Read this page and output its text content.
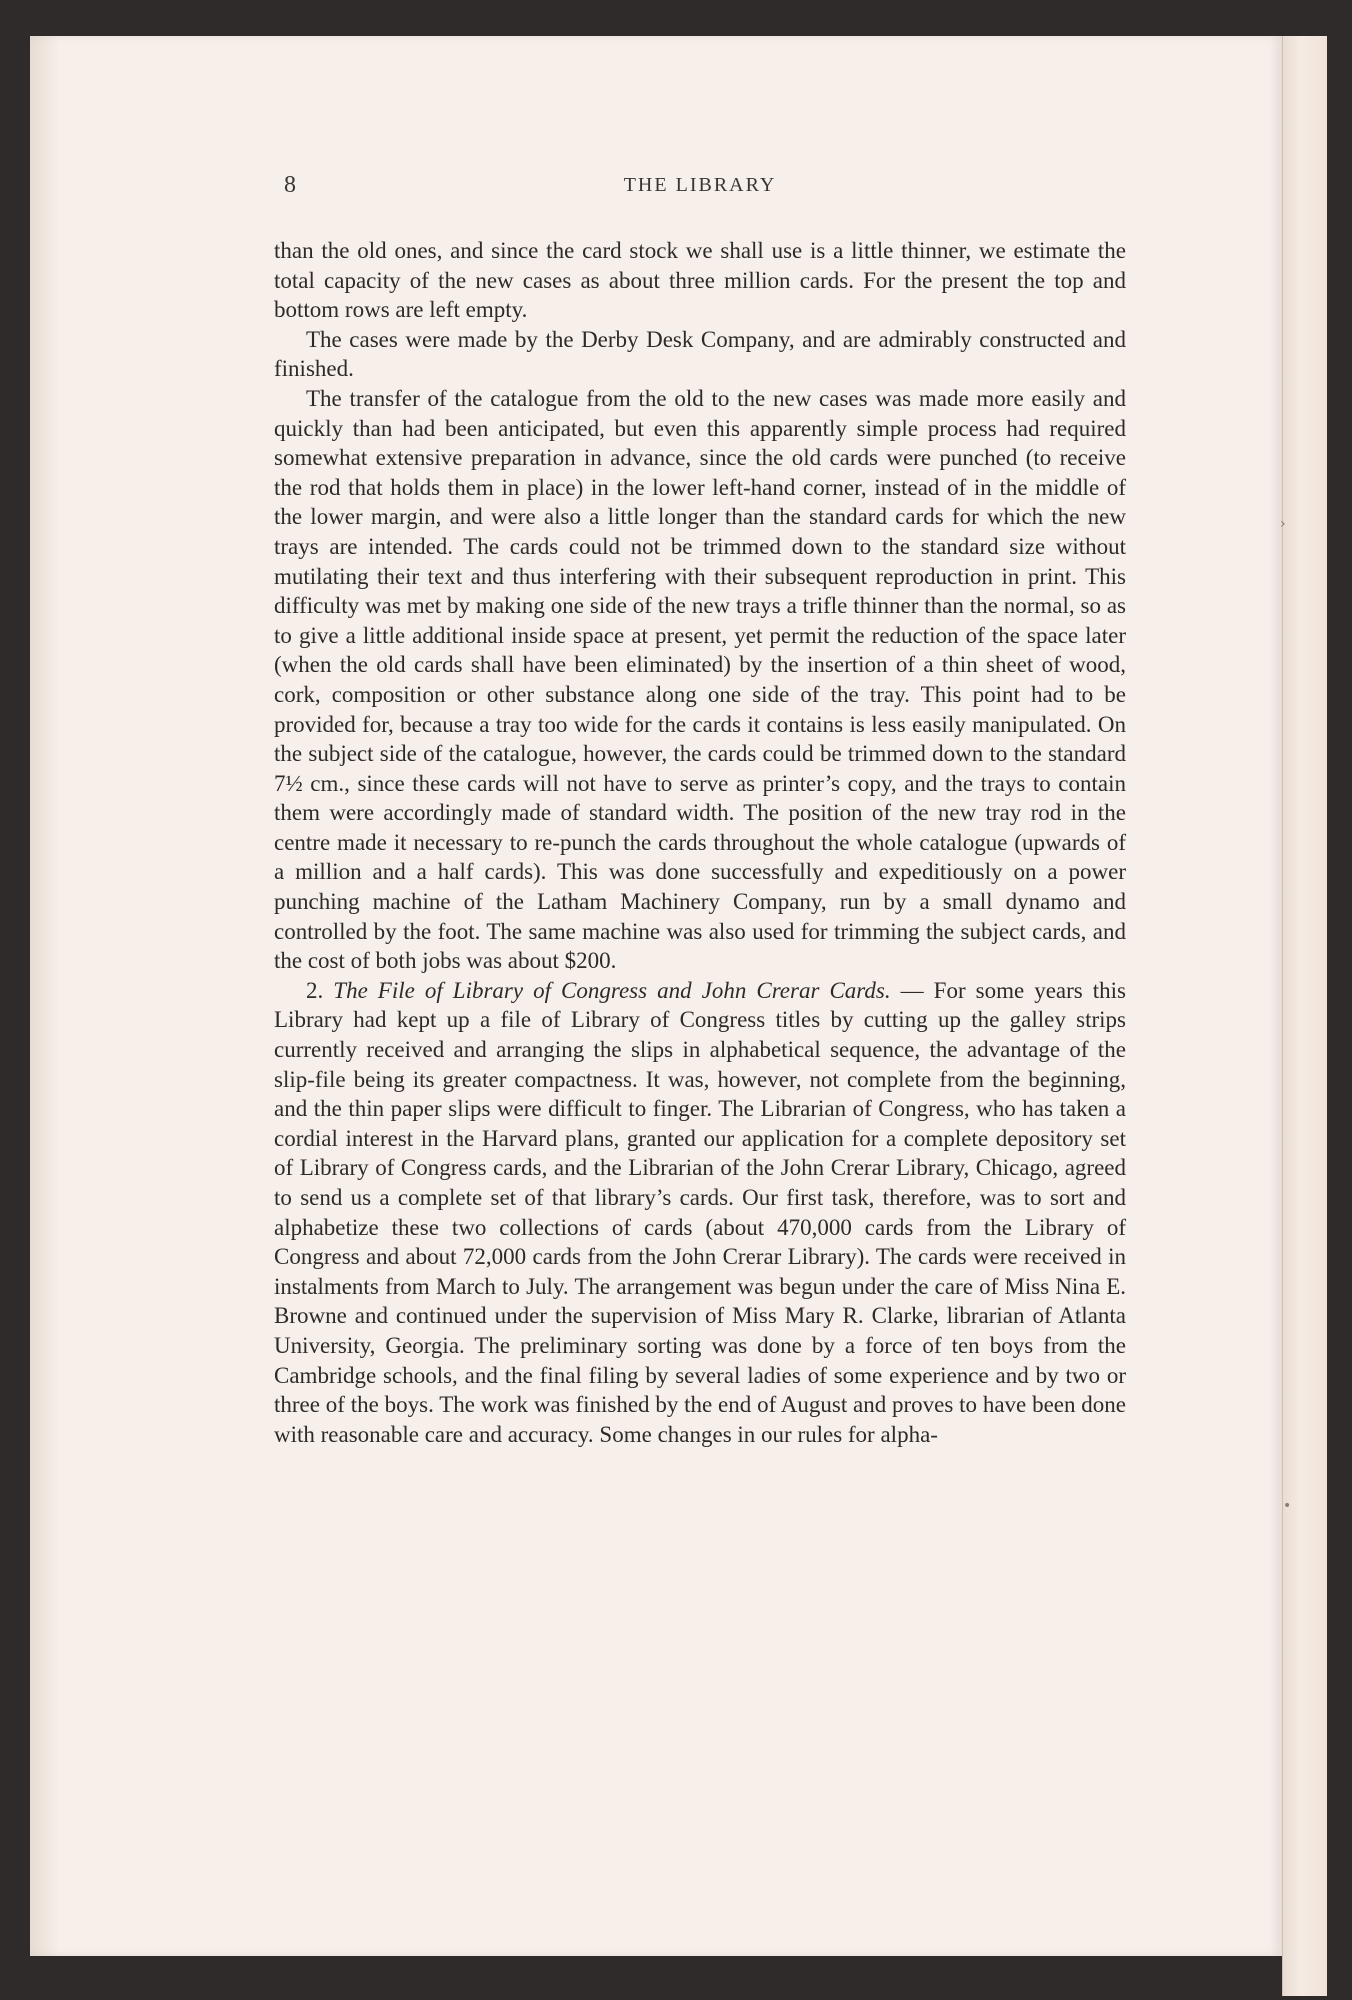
8	THE LIBRARY

than the old ones, and since the card stock we shall use is a little thinner, we estimate the total capacity of the new cases as about three million cards. For the present the top and bottom rows are left empty.

The cases were made by the Derby Desk Company, and are admirably constructed and finished.

The transfer of the catalogue from the old to the new cases was made more easily and quickly than had been anticipated, but even this apparently simple process had required somewhat extensive preparation in advance, since the old cards were punched (to receive the rod that holds them in place) in the lower left-hand corner, instead of in the middle of the lower margin, and were also a little longer than the standard cards for which the new trays are intended. The cards could not be trimmed down to the standard size without mutilating their text and thus interfering with their subsequent reproduction in print. This difficulty was met by making one side of the new trays a trifle thinner than the normal, so as to give a little additional inside space at present, yet permit the reduction of the space later (when the old cards shall have been eliminated) by the insertion of a thin sheet of wood, cork, composition or other substance along one side of the tray. This point had to be provided for, because a tray too wide for the cards it contains is less easily manipulated. On the subject side of the catalogue, however, the cards could be trimmed down to the standard 7½ cm., since these cards will not have to serve as printer’s copy, and the trays to contain them were accordingly made of standard width. The position of the new tray rod in the centre made it necessary to re-punch the cards throughout the whole catalogue (upwards of a million and a half cards). This was done successfully and expeditiously on a power punching machine of the Latham Machinery Company, run by a small dynamo and controlled by the foot. The same machine was also used for trimming the subject cards, and the cost of both jobs was about $200.

2. The File of Library of Congress and John Crerar Cards. — For some years this Library had kept up a file of Library of Congress titles by cutting up the galley strips currently received and arranging the slips in alphabetical sequence, the advantage of the slip-file being its greater compactness. It was, however, not complete from the beginning, and the thin paper slips were difficult to finger. The Librarian of Congress, who has taken a cordial interest in the Harvard plans, granted our application for a complete depository set of Library of Congress cards, and the Librarian of the John Crerar Library, Chicago, agreed to send us a complete set of that library’s cards. Our first task, therefore, was to sort and alphabetize these two collections of cards (about 470,000 cards from the Library of Congress and about 72,000 cards from the John Crerar Library). The cards were received in instalments from March to July. The arrangement was begun under the care of Miss Nina E. Browne and continued under the supervision of Miss Mary R. Clarke, librarian of Atlanta University, Georgia. The preliminary sorting was done by a force of ten boys from the Cambridge schools, and the final filing by several ladies of some experience and by two or three of the boys. The work was finished by the end of August and proves to have been done with reasonable care and accuracy. Some changes in our rules for alpha-

›
•
